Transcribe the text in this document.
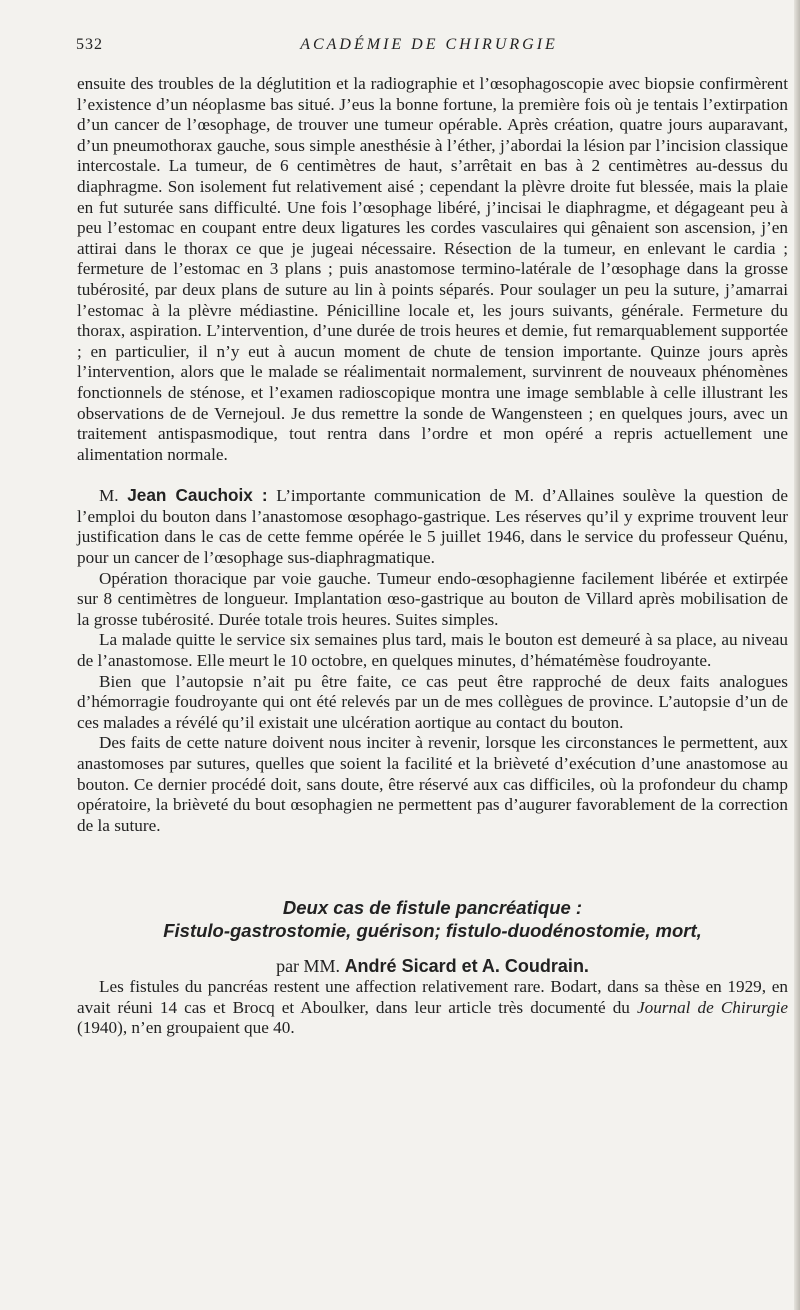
532	ACADÉMIE DE CHIRURGIE

ensuite des troubles de la déglutition et la radiographie et l’œsophagoscopie avec biopsie confirmèrent l’existence d’un néoplasme bas situé. J’eus la bonne fortune, la première fois où je tentais l’extirpation d’un cancer de l’œsophage, de trouver une tumeur opérable. Après création, quatre jours auparavant, d’un pneumothorax gauche, sous simple anesthésie à l’éther, j’abordai la lésion par l’incision classique intercostale. La tumeur, de 6 centimètres de haut, s’arrêtait en bas à 2 centimètres au-dessus du diaphragme. Son isolement fut relativement aisé ; cependant la plèvre droite fut blessée, mais la plaie en fut suturée sans difficulté. Une fois l’œsophage libéré, j’incisai le diaphragme, et dégageant peu à peu l’estomac en coupant entre deux ligatures les cordes vasculaires qui gênaient son ascension, j’en attirai dans le thorax ce que je jugeai nécessaire. Résection de la tumeur, en enlevant le cardia ; fermeture de l’estomac en 3 plans ; puis anastomose termino-latérale de l’œsophage dans la grosse tubérosité, par deux plans de suture au lin à points séparés. Pour soulager un peu la suture, j’amarrai l’estomac à la plèvre médiastine. Pénicilline locale et, les jours suivants, générale. Fermeture du thorax, aspiration. L’intervention, d’une durée de trois heures et demie, fut remarquablement supportée ; en particulier, il n’y eut à aucun moment de chute de tension importante. Quinze jours après l’intervention, alors que le malade se réalimentait normalement, survinrent de nouveaux phénomènes fonctionnels de sténose, et l’examen radioscopique montra une image semblable à celle illustrant les observations de de Vernejoul. Je dus remettre la sonde de Wangensteen ; en quelques jours, avec un traitement antispasmodique, tout rentra dans l’ordre et mon opéré a repris actuellement une alimentation normale.

M. Jean Cauchoix : L’importante communication de M. d’Allaines soulève la question de l’emploi du bouton dans l’anastomose œsophago-gastrique. Les réserves qu’il y exprime trouvent leur justification dans le cas de cette femme opérée le 5 juillet 1946, dans le service du professeur Quénu, pour un cancer de l’œsophage sus-diaphragmatique.

Opération thoracique par voie gauche. Tumeur endo-œsophagienne facilement libérée et extirpée sur 8 centimètres de longueur. Implantation œso-gastrique au bouton de Villard après mobilisation de la grosse tubérosité. Durée totale trois heures. Suites simples.

La malade quitte le service six semaines plus tard, mais le bouton est demeuré à sa place, au niveau de l’anastomose. Elle meurt le 10 octobre, en quelques minutes, d’hématémèse foudroyante.

Bien que l’autopsie n’ait pu être faite, ce cas peut être rapproché de deux faits analogues d’hémorragie foudroyante qui ont été relevés par un de mes collègues de province. L’autopsie d’un de ces malades a révélé qu’il existait une ulcération aortique au contact du bouton.

Des faits de cette nature doivent nous inciter à revenir, lorsque les circonstances le permettent, aux anastomoses par sutures, quelles que soient la facilité et la brièveté d’exécution d’une anastomose au bouton. Ce dernier procédé doit, sans doute, être réservé aux cas difficiles, où la profondeur du champ opératoire, la brièveté du bout œsophagien ne permettent pas d’augurer favorablement de la correction de la suture.

Deux cas de fistule pancréatique :
Fistulo-gastrostomie, guérison; fistulo-duodénostomie, mort,
par MM. André Sicard et A. Coudrain.

Les fistules du pancréas restent une affection relativement rare. Bodart, dans sa thèse en 1929, en avait réuni 14 cas et Brocq et Aboulker, dans leur article très documenté du Journal de Chirurgie (1940), n’en groupaient que 40.
